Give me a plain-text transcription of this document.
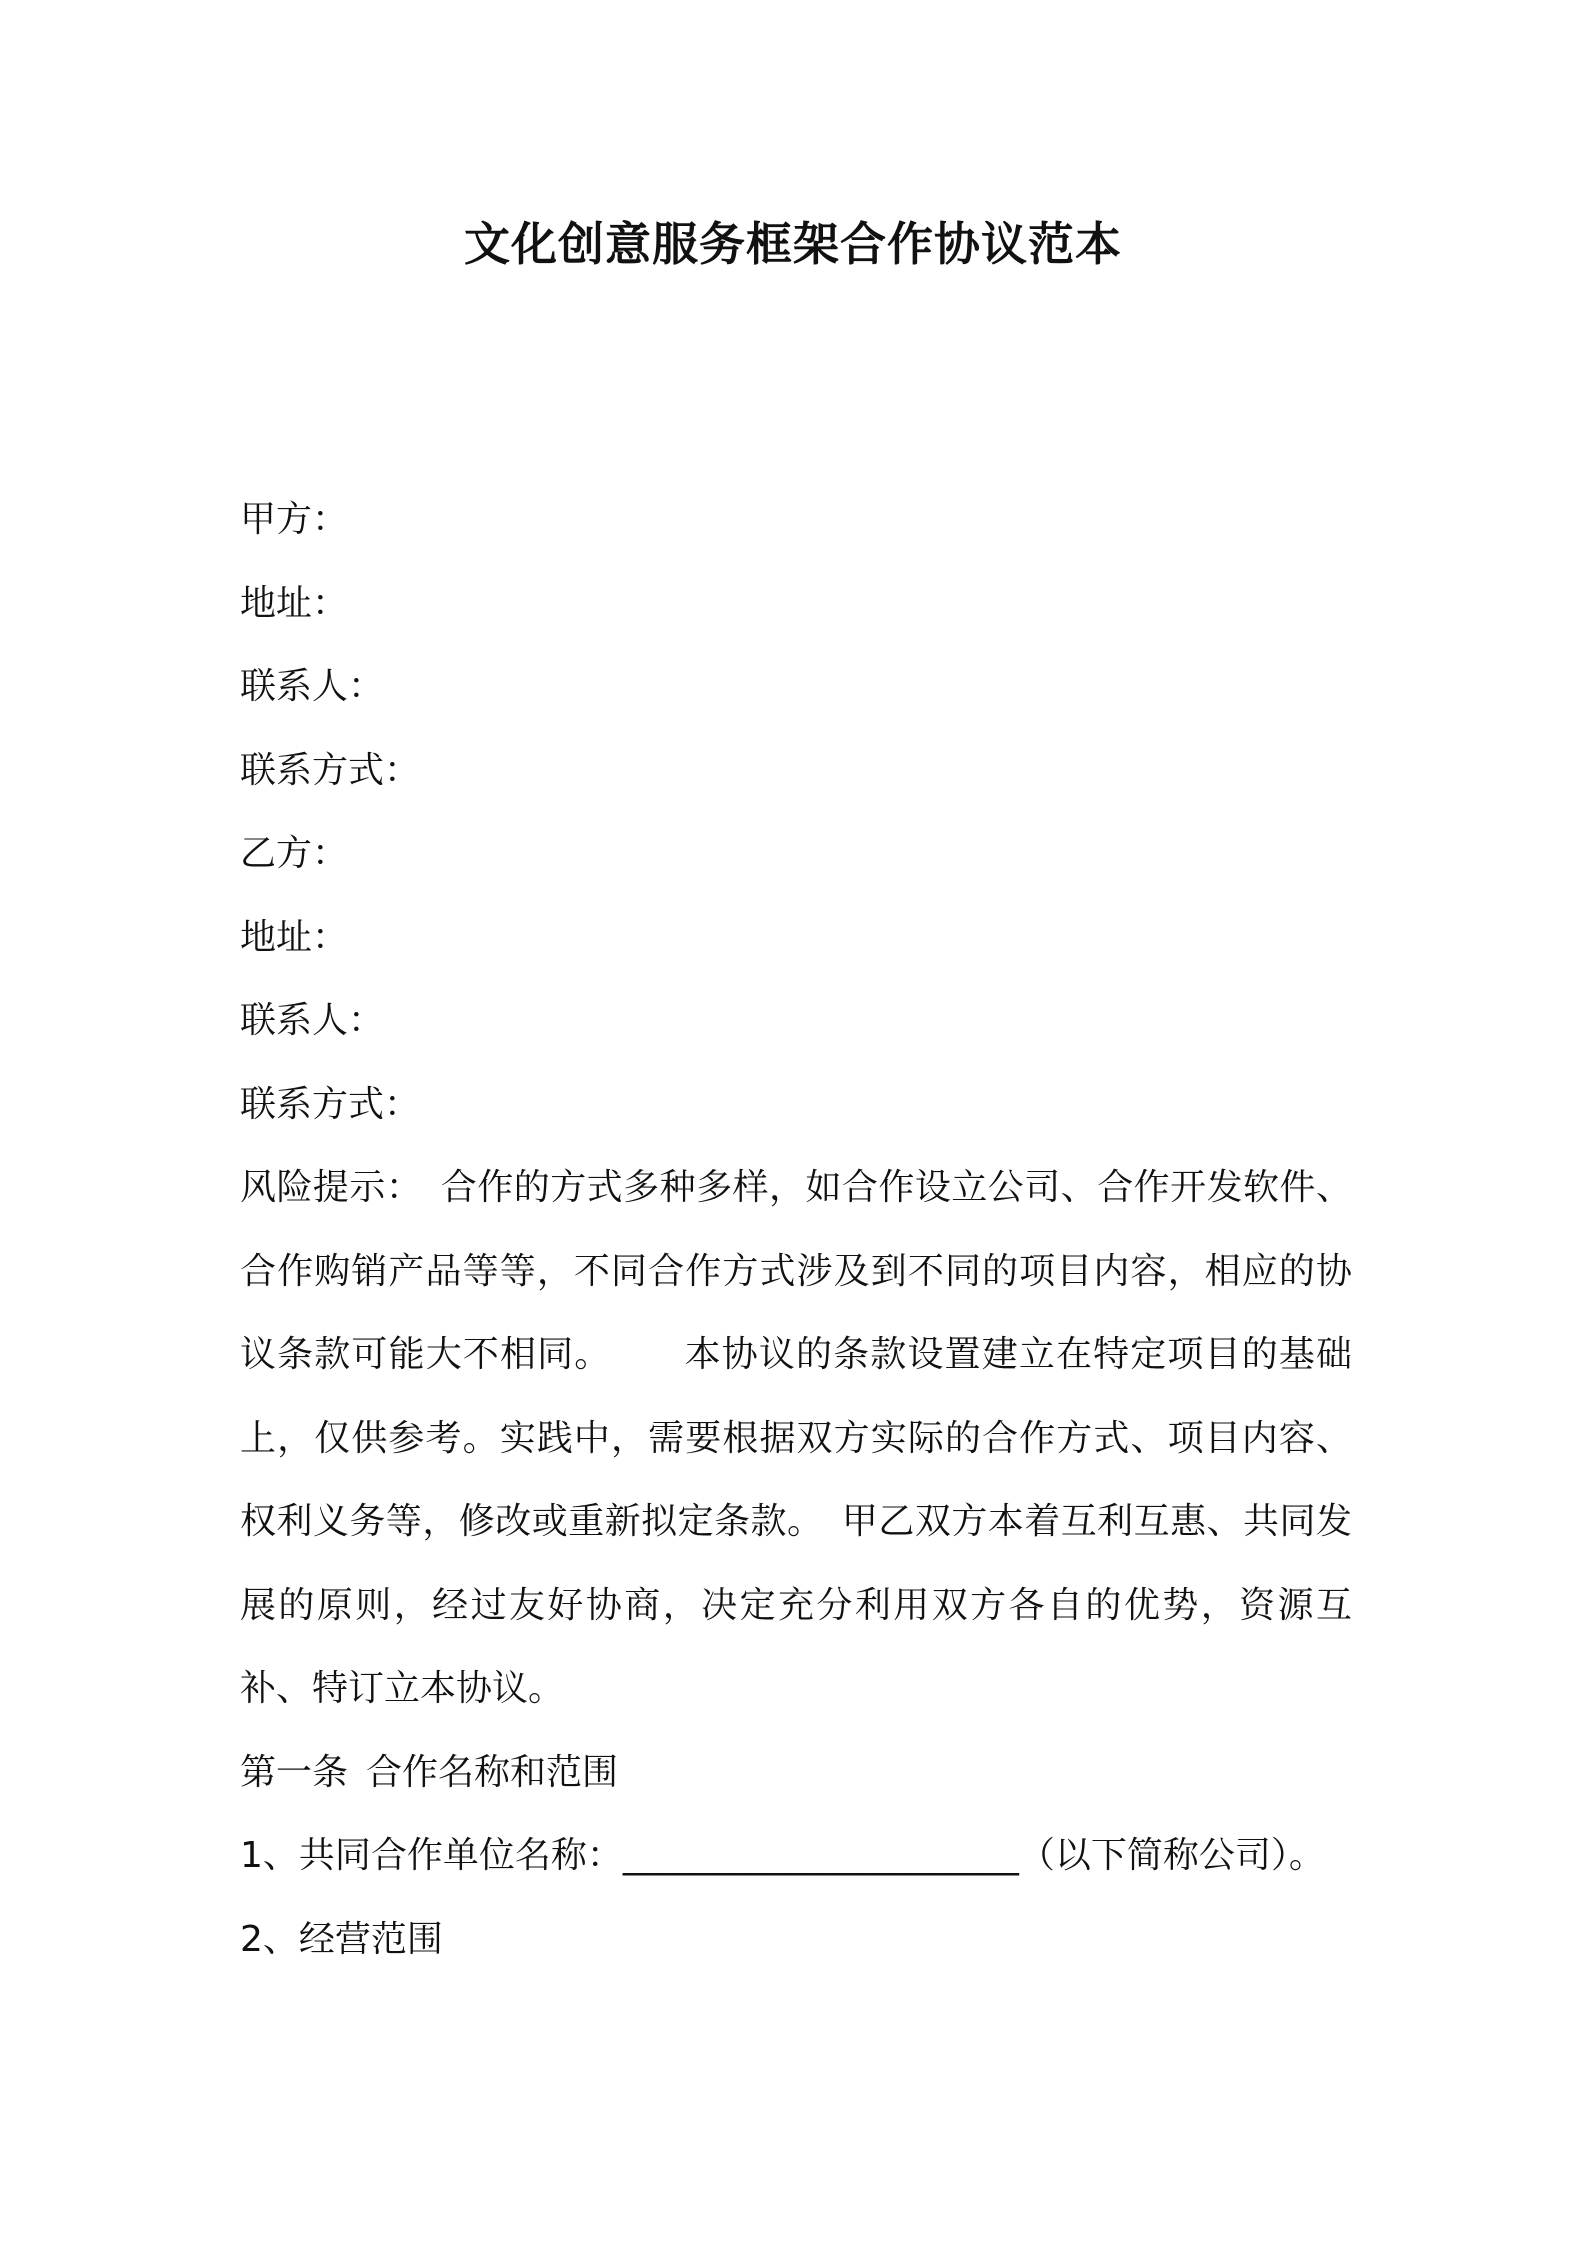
文化创意服务框架合作协议范本
甲方：
地址：
联系人：
联系方式：
乙方：
地址：
联系人：
联系方式：

风险提示： 合作的方式多种多样，如合作设立公司、合作开发软件、合作购销产品等等，不同合作方式涉及到不同的项目内容，相应的协议条款可能大不相同。 本协议的条款设置建立在特定项目的基础上，仅供参考。实践中，需要根据双方实际的合作方式、项目内容、权利义务等，修改或重新拟定条款。 甲乙双方本着互利互惠、共同发展的原则，经过友好协商，决定充分利用双方各自的优势，资源互补、特订立本协议。

第一条 合作名称和范围

1、共同合作单位名称：______________________（以下简称公司）。

2、经营范围
